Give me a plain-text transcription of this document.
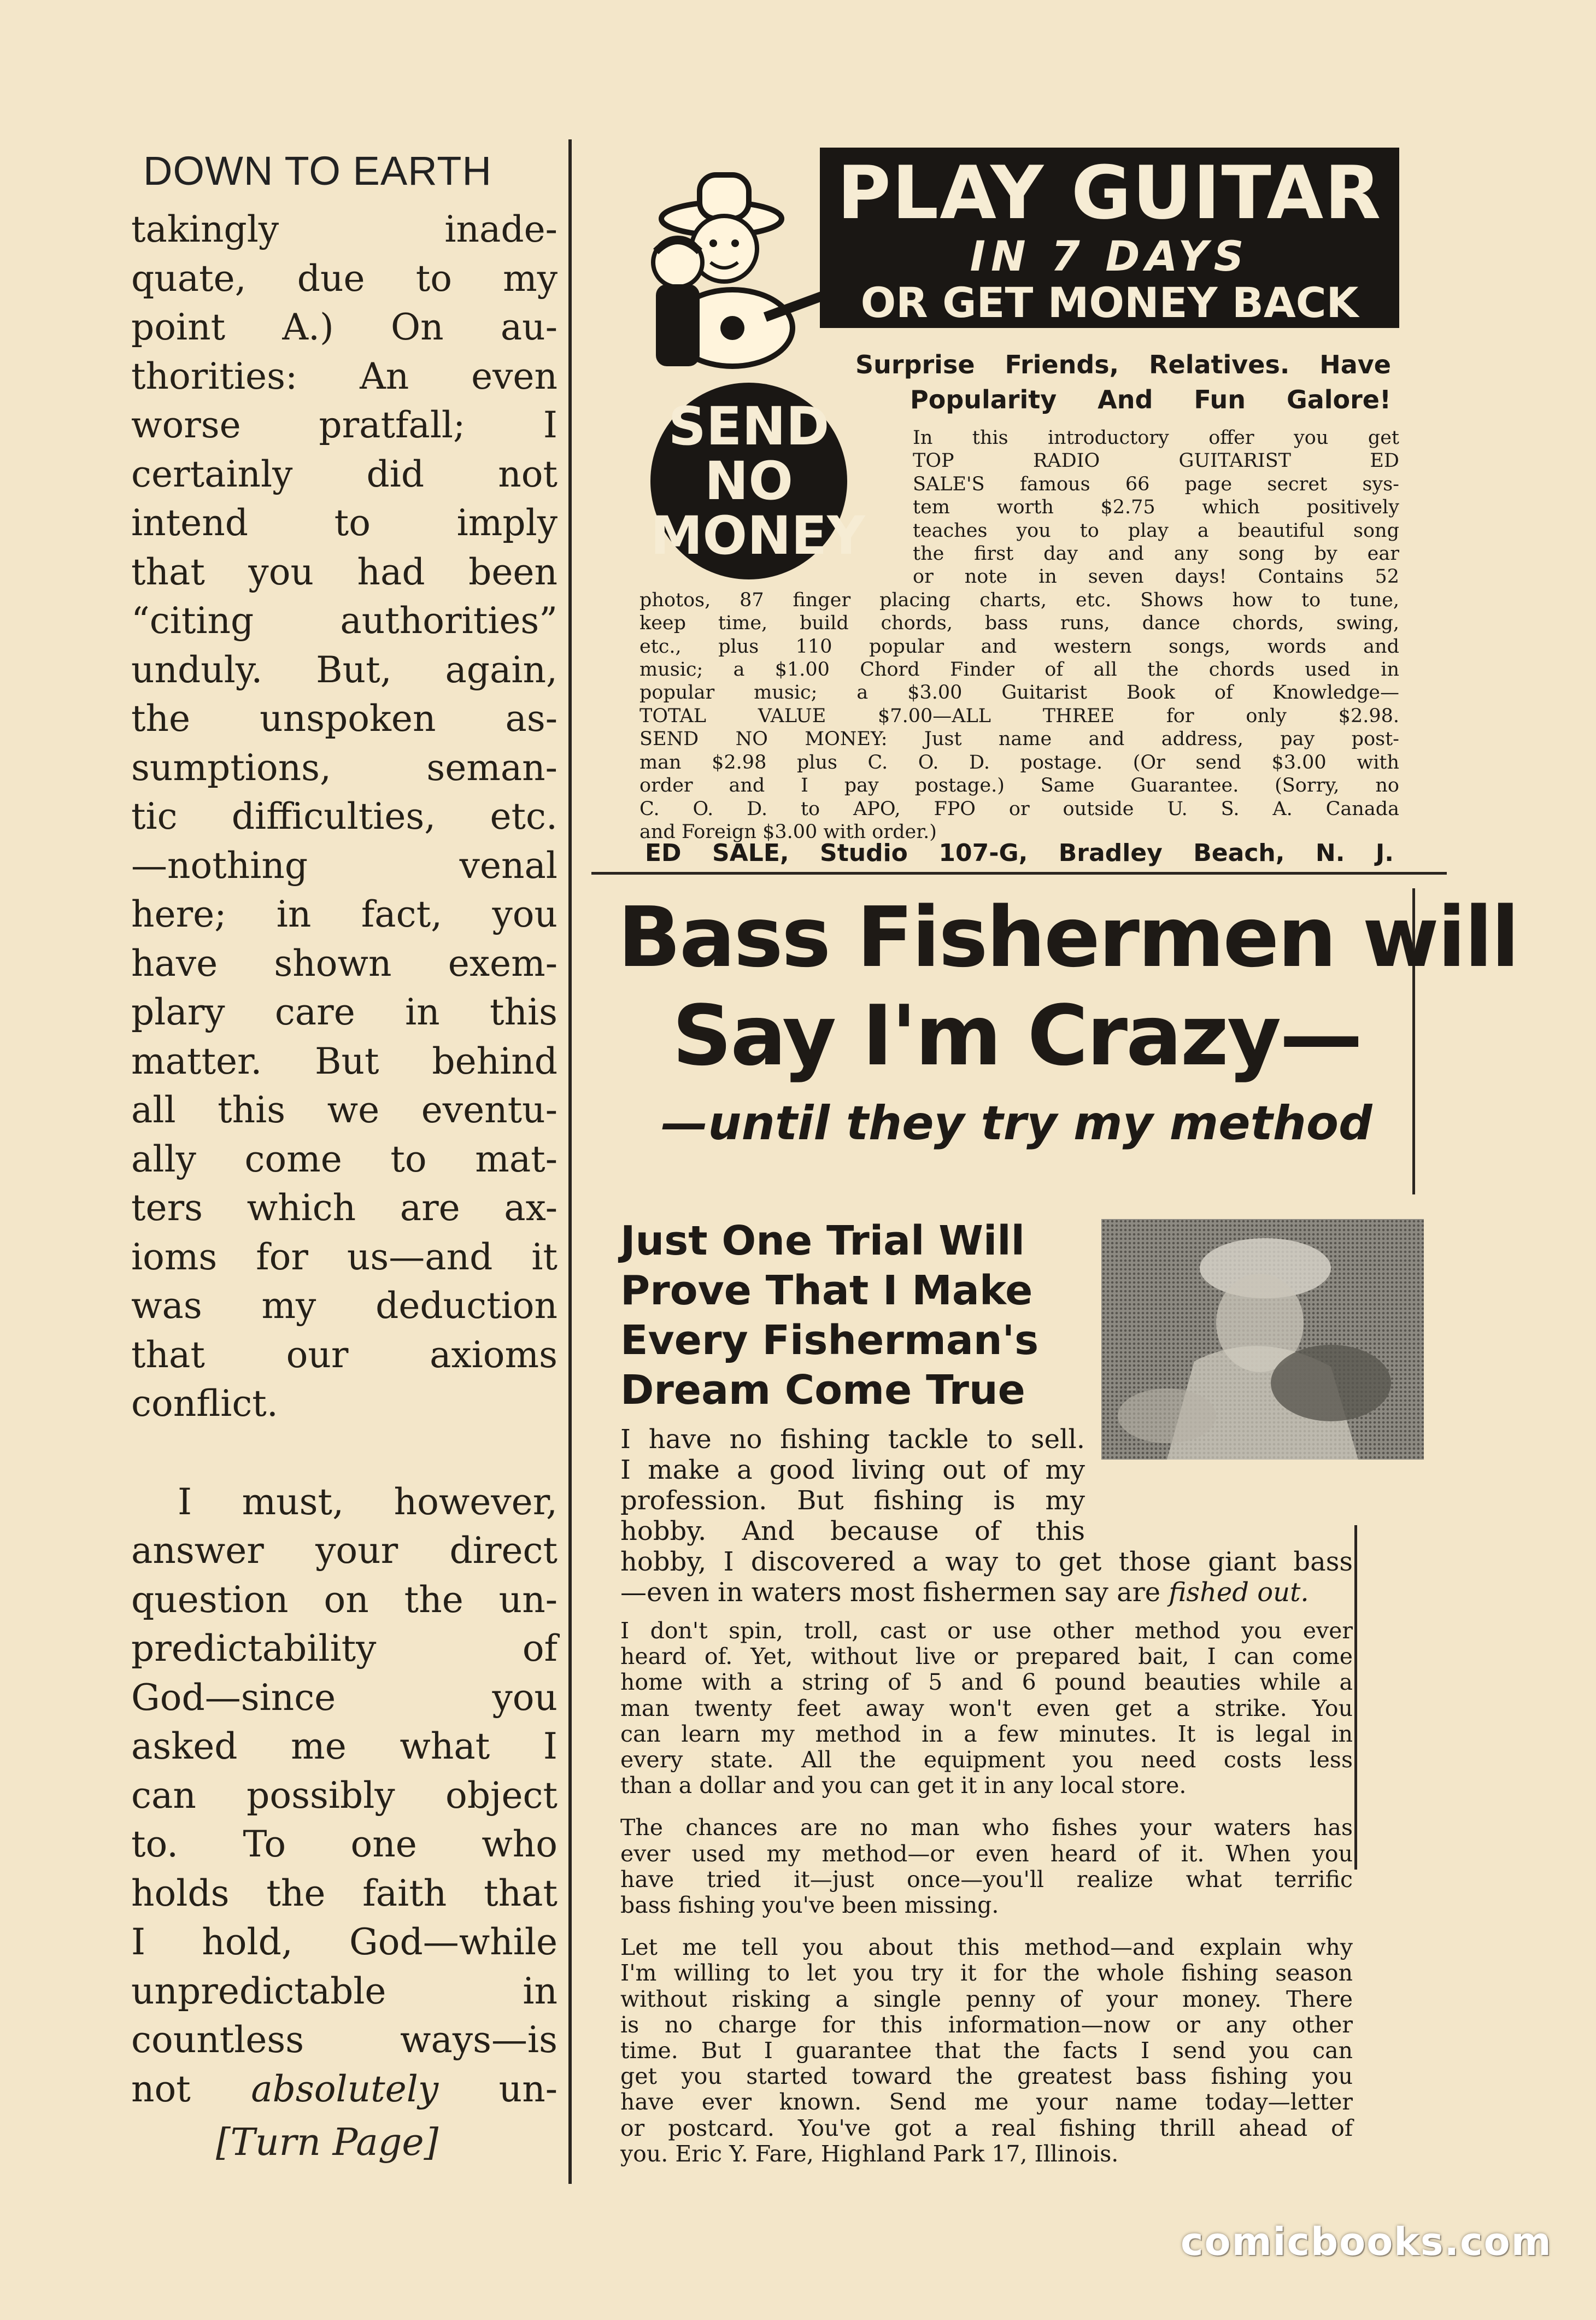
DOWN TO EARTH
takingly inade-
quate, due to my
point A.) On au-
thorities: An even
worse pratfall; I
certainly did not
intend to imply
that you had been
“citing authorities”
unduly. But, again,
the unspoken as-
sumptions, seman-
tic difficulties, etc.
—nothing venal
here; in fact, you
have shown exem-
plary care in this
matter. But behind
all this we eventu-
ally come to mat-
ters which are ax-
ioms for us—and it
was my deduction
that our axioms
conflict.
I must, however,
answer your direct
question on the un-
predictability of
God—since you
asked me what I
can possibly object
to. To one who
holds the faith that
I hold, God—while
unpredictable in
countless ways—is
not absolutely un-
[Turn Page]
PLAY GUITAR
IN 7 DAYS
OR GET MONEY BACK
SEND
NO
MONEY
Surprise Friends, Relatives. Have
Popularity And Fun Galore!
In this introductory offer you get
TOP RADIO GUITARIST ED
SALE'S famous 66 page secret sys-
tem worth $2.75 which positively
teaches you to play a beautiful song
the first day and any song by ear
or note in seven days! Contains 52
photos, 87 finger placing charts, etc. Shows how to tune,
keep time, build chords, bass runs, dance chords, swing,
etc., plus 110 popular and western songs, words and
music; a $1.00 Chord Finder of all the chords used in
popular music; a $3.00 Guitarist Book of Knowledge—
TOTAL VALUE $7.00—ALL THREE for only $2.98.
SEND NO MONEY: Just name and address, pay post-
man $2.98 plus C. O. D. postage. (Or send $3.00 with
order and I pay postage.) Same Guarantee. (Sorry, no
C. O. D. to APO, FPO or outside U. S. A. Canada
and Foreign $3.00 with order.)
ED SALE, Studio 107-G, Bradley Beach, N. J.
Bass Fishermen will
Say I'm Crazy—
—until they try my method
Just One Trial Will
Prove That I Make
Every Fisherman's
Dream Come True
I have no fishing tackle to sell.
I make a good living out of my
profession. But fishing is my
hobby. And because of this
hobby, I discovered a way to get those giant bass
—even in waters most fishermen say are fished out.
I don't spin, troll, cast or use other method you ever
heard of. Yet, without live or prepared bait, I can come
home with a string of 5 and 6 pound beauties while a
man twenty feet away won't even get a strike. You
can learn my method in a few minutes. It is legal in
every state. All the equipment you need costs less
than a dollar and you can get it in any local store.
The chances are no man who fishes your waters has
ever used my method—or even heard of it. When you
have tried it—just once—you'll realize what terrific
bass fishing you've been missing.
Let me tell you about this method—and explain why
I'm willing to let you try it for the whole fishing season
without risking a single penny of your money. There
is no charge for this information—now or any other
time. But I guarantee that the facts I send you can
get you started toward the greatest bass fishing you
have ever known. Send me your name today—letter
or postcard. You've got a real fishing thrill ahead of
you. Eric Y. Fare, Highland Park 17, Illinois.
comicbooks.com
